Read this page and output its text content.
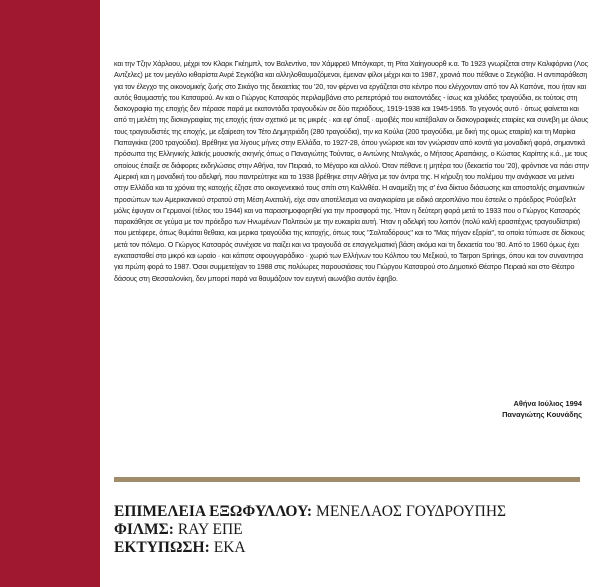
και την Τζην Χάρλοου, μέχρι τον Κλαρκ Γκέημπλ, τον Βαλεντίνο, τον Χάμφρεϋ Μπόγκαρτ, τη Ρίτα Χαίηγουορθ κ.α. Το 1923 γνωρίζεται στην Καλιφόρνια (Λος Αντζελες) με τον μεγάλο κιθαρίστα Ανρέ Σεγκόβια και αλληλοθαυμαζόμενοι, έμειναν φίλοι μέχρι και το 1987, χρονιά που πέθανε ο Σεγκόβια. Η αντιπαράθεση για τον έλεγχο της οικονομικής ζωής στο Σικάγο της δεκαετίας του '20, τον φέρνει να εργάζεται στο κέντρο που ελέγχονταν από τον Αλ Καπόνε, που ήταν και αυτός θαυμαστής του Κατσαρού. Αν και ο Γιώργος Κατσαρός περιλαμβάνει στο ρεπερτόριό του εκατοντάδες - ίσως και χιλιάδες τραγούδια, εκ τούτοις στη δισκογραφία της εποχής δεν πέρασε παρά με εκατοντάδα τραγουδιών σε δύο περιόδους, 1919-1938 και 1945-1955. Το γεγονός αυτό · όπως φαίνεται και από τη μελέτη της δισκογραφίας της εποχής ήταν σχετικό με τις μικρές · και εφ' όπαξ · αμοιβές που κατέβαλαν οι δισκογραφικές εταιρίες και συνεβη με όλους τους τραγουδιστές της εποχής, με εξαίρεση τον Τέτο Δημητριάδη (280 τραγούδια), την κα Κούλα (200 τραγούδια, με δική της ομως εταιρία) και τη Μαρίκα Παπαγκίκα (200 τραγούδια). Βρέθηκε για λίγους μήνες στην Ελλάδα, το 1927-28, όπου γνώρισε και τον γνώρισαν από κοντά για μοναδική φορά, σημαντικά πρόσωπα της Ελληνικής λαϊκής μουσικής σκηνής όπως ο Παναγιώτης Τούντας, ο Αντώνης Νταλγκάς, ο Μήτσος Αραπάκης, ο Κώστας Καρίπης κ.ά., με τους οποίους έπαιξε σε διάφορες εκδηλώσεις στην Αθήνα, τον Πειραιά, το Μέγαρο και αλλού. Όταν πέθανε η μητέρα του (δεκαετία του '20), φρόντισε να πάει στην Αμερική και η μοναδική του αδελφή, που παντρεύτηκε και το 1938 βρέθηκε στην Αθήνα με τον άντρα της. Η κήρυξη του πολέμου την ανάγκασε να μείνει στην Ελλάδα και τα χρόνια της κατοχής έζησε στο οικογενειακό τους σπίτι στη Καλλιθέα. Η αναμείξη της σ' ένα δίκτυο διάσωσης και αποστολής σημαντικών προσώπων των Αμερικανικού στρατού στη Μέση Ανατολή, είχε σαν αποτέλεσμα να αναγκαρίσει με ειδικό αεροπλάνο που έστειλε ο πρόεδρος Ρούσβελτ μόλις έφυγαν οι Γερμανοί (τέλος του 1944) και να παρασημοφορηθεί για την προσφορά της. Ήταν η δεύτερη φορά μετά το 1933 που ο Γιώργος Κατσαρός παρακάθησε σε γεύμα με τον πρόεδρο των Ηνωμένων Πολιτειών με την ευκαιρία αυτή. Ήταν η αδελφή του λοιπόν (πολύ καλή ερασιτέχνις τραγουδίστρια) που μετέφερε, όπως θυμάται θεθαια, και μερικα τραγούδια της κατοχής, όπως τους "Σαλταδόρους" και το "Μας πήγαν εξορία", τα οποία τύπωσε σε δίσκους μετά τον πόλεμο. Ο Γιώργος Κατσαρός συνέχισε να παίζει και να τραγουδά σε επαγγελματική βάση ακόμα και τη δεκαετία του '80. Από το 1960 όμως έχει εγκατασταθεί στο μικρό και ωραίο · και κάποτε σφουγγαράδικο · χωριό των Ελλήνων του Κόλπου του Μεξικού, το Tarpon Springs, όπου και τον συναντησα για πρώτη φορά το 1987. Όσοι συμμετείχαν το 1988 στις πολύωρες παρουσιάσεις του Γιώργου Κατσαρού στο Δημοτικό Θέατρο Πειραιά και στο Θέατρο δάσους στη Θεσσαλονίκη, δεν μπορεί παρά να θαυμάζουν τον ευγενή αιωνόβιο αυτόν έφηβο.

Αθήνα Ιούλιος 1994
Παναγιώτης Κουνάδης
ΕΠΙΜΕΛΕΙΑ ΕΞΩΦΥΛΛΟΥ: ΜΕΝΕΛΑΟΣ ΓΟΥΔΡΟΥΠΗΣ
ΦΙΛΜΣ: RAY ΕΠΕ
ΕΚΤΥΠΩΣΗ: ΕΚΑ
